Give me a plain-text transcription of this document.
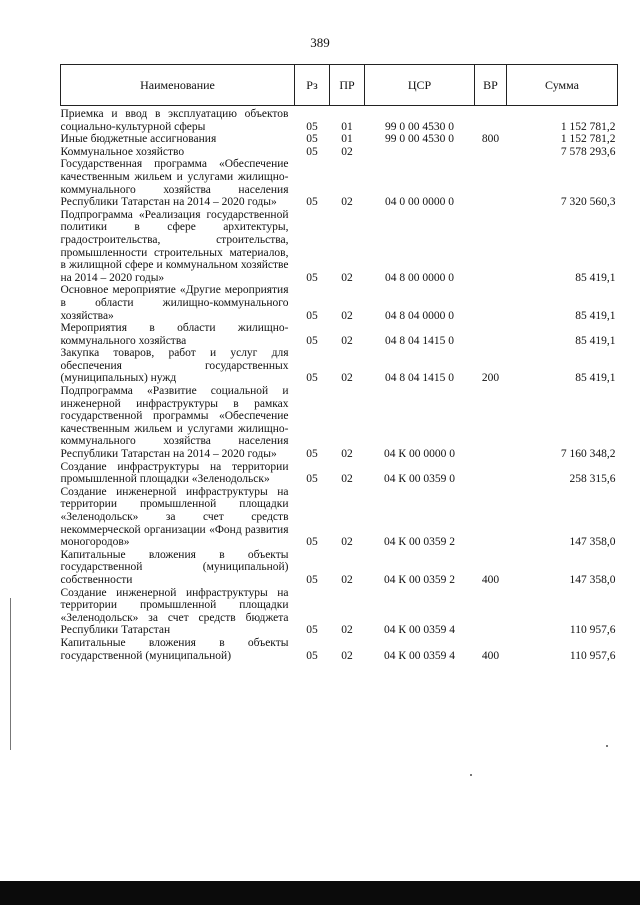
389
Наименование	Рз	ПР	ЦСР	ВР	Сумма
Приемка и ввод в эксплуатацию объектов социально-культурной сферы	05	01	99 0 00 4530 0		1 152 781,2
Иные бюджетные ассигнования	05	01	99 0 00 4530 0	800	1 152 781,2
Коммунальное хозяйство	05	02			7 578 293,6
Государственная программа «Обеспечение качественным жильем и услугами жилищно-коммунального хозяйства населения Республики Татарстан на 2014 – 2020 годы»	05	02	04 0 00 0000 0		7 320 560,3
Подпрограмма «Реализация государственной политики в сфере архитектуры, градостроительства, строительства, промышленности строительных материалов, в жилищной сфере и коммунальном хозяйстве на 2014 – 2020 годы»	05	02	04 8 00 0000 0		85 419,1
Основное мероприятие «Другие мероприятия в области жилищно-коммунального хозяйства»	05	02	04 8 04 0000 0		85 419,1
Мероприятия в области жилищно-коммунального хозяйства	05	02	04 8 04 1415 0		85 419,1
Закупка товаров, работ и услуг для обеспечения государственных (муниципальных) нужд	05	02	04 8 04 1415 0	200	85 419,1
Подпрограмма «Развитие социальной и инженерной инфраструктуры в рамках государственной программы «Обеспечение качественным жильем и услугами жилищно-коммунального хозяйства населения Республики Татарстан на 2014 – 2020 годы»	05	02	04 К 00 0000 0		7 160 348,2
Создание инфраструктуры на территории промышленной площадки «Зеленодольск»	05	02	04 К 00 0359 0		258 315,6
Создание инженерной инфраструктуры на территории промышленной площадки «Зеленодольск» за счет средств некоммерческой организации «Фонд развития моногородов»	05	02	04 К 00 0359 2		147 358,0
Капитальные вложения в объекты государственной (муниципальной) собственности	05	02	04 К 00 0359 2	400	147 358,0
Создание инженерной инфраструктуры на территории промышленной площадки «Зеленодольск» за счет средств бюджета Республики Татарстан	05	02	04 К 00 0359 4		110 957,6
Капитальные вложения в объекты государственной (муниципальной)	05	02	04 К 00 0359 4	400	110 957,6
